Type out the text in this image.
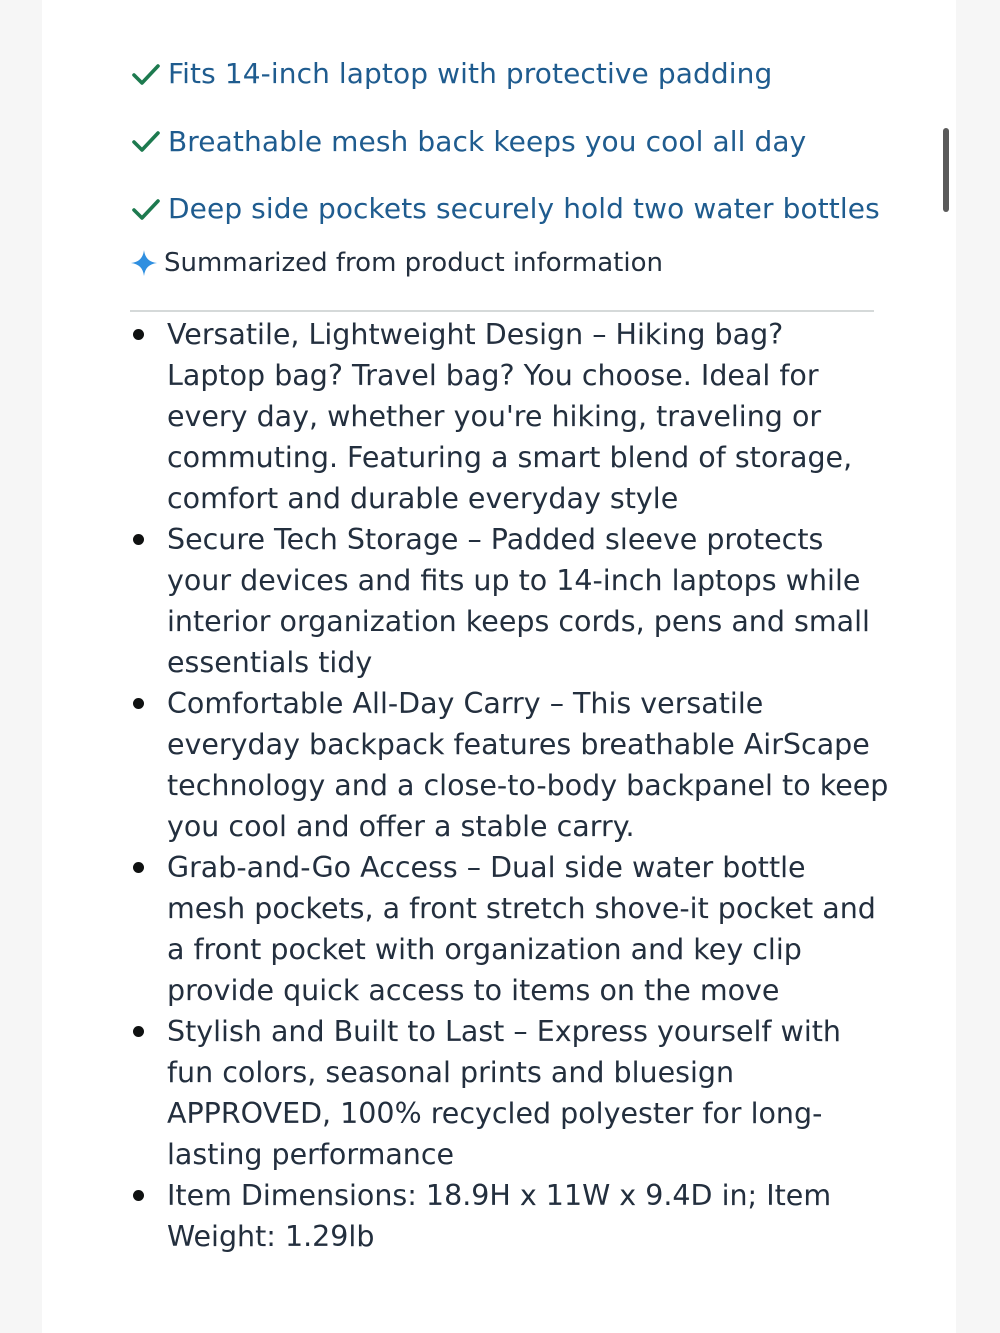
Fits 14-inch laptop with protective padding
Breathable mesh back keeps you cool all day
Deep side pockets securely hold two water bottles
Summarized from product information
Versatile, Lightweight Design – Hiking bag? Laptop bag? Travel bag? You choose. Ideal for every day, whether you're hiking, traveling or commuting. Featuring a smart blend of storage, comfort and durable everyday style
Secure Tech Storage – Padded sleeve protects your devices and fits up to 14-inch laptops while interior organization keeps cords, pens and small essentials tidy
Comfortable All-Day Carry – This versatile everyday backpack features breathable AirScape technology and a close-to-body backpanel to keep you cool and offer a stable carry.
Grab-and-Go Access – Dual side water bottle mesh pockets, a front stretch shove-it pocket and a front pocket with organization and key clip provide quick access to items on the move
Stylish and Built to Last – Express yourself with fun colors, seasonal prints and bluesign APPROVED, 100% recycled polyester for long-lasting performance
Item Dimensions: 18.9H x 11W x 9.4D in; Item Weight: 1.29lb
